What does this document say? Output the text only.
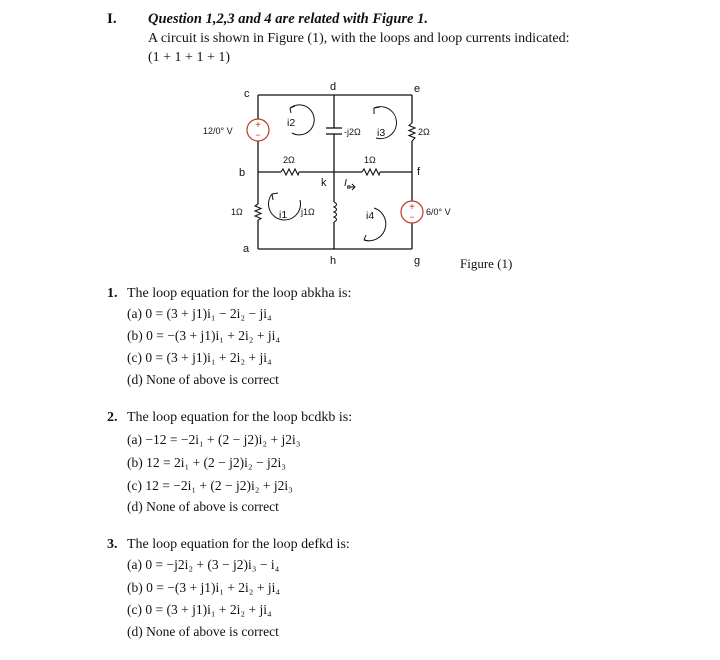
I. Question 1,2,3 and 4 are related with Figure 1.
A circuit is shown in Figure (1), with the loops and loop currents indicated:
(1 + 1 + 1 + 1)
+
−
+
−
c
d	e
b
k
f
a
h	g
12/0° V
6/0° V
2Ω	1Ω
1Ω
2Ω
-j2Ω
j1Ω
i2
i3
i1	i4
$I_o$
Figure (1)
1. The loop equation for the loop abkha is:
(a) 0 = (3 + j1)i₁ − 2i₂ − ji₄
(b) 0 = −(3 + j1)i₁ + 2i₂ + ji₄
(c) 0 = (3 + j1)i₁ + 2i₂ + ji₄
(d) None of above is correct
2. The loop equation for the loop bcdkb is:
(a) −12 = −2i₁ + (2 − j2)i₂ + j2i₃
(b) 12 = 2i₁ + (2 − j2)i₂ − j2i₃
(c) 12 = −2i₁ + (2 − j2)i₂ + j2i₃
(d) None of above is correct
3. The loop equation for the loop defkd is:
(a) 0 = −j2i₂ + (3 − j2)i₃ − i₄
(b) 0 = −(3 + j1)i₁ + 2i₂ + ji₄
(c) 0 = (3 + j1)i₁ + 2i₂ + ji₄
(d) None of above is correct
